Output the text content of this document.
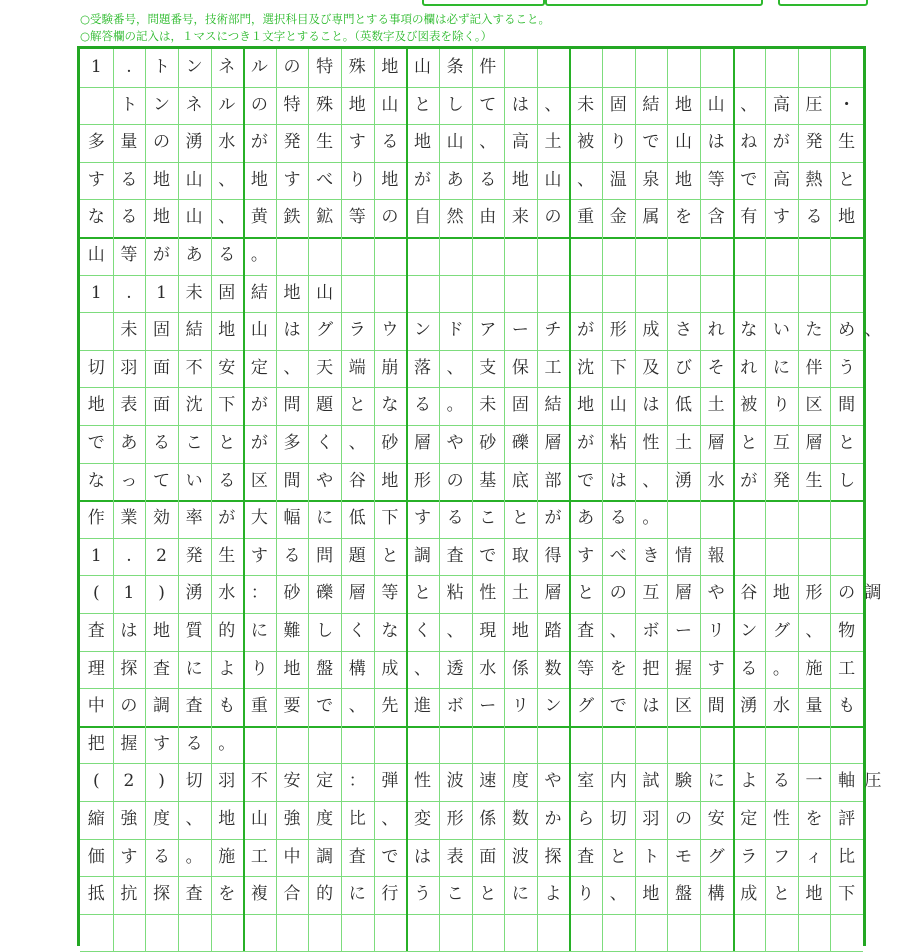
○受験番号，問題番号，技術部門，選択科目及び専門とする事項の欄は必ず記入すること。
○解答欄の記入は，１マスにつき１文字とすること。（英数字及び図表を除く。）
1	.	ト ン ネ ル の 特 殊 地 山 条 件
ト ン ネ ル の 特 殊 地 山 と し て は 、 未 固 結 地 山 、 高 圧 ・
多 量 の 湧 水 が 発 生 す る 地 山 、 高 土 被 り で 山 は ね が 発 生
す る 地 山 、 地 す べ り 地 が あ る 地 山 、 温 泉 地 等 で 高 熱 と
な る 地 山 、 黄 鉄 鉱 等 の 自 然 由 来 の 重 金 属 を 含 有 す る 地
山 等 が あ る 。
1	.	1	未 固 結 地 山
未 固 結 地 山 は グ ラ ウ ン ド ア ー チ が 形 成 さ れ な い た め 、
切 羽 面 不 安 定 、 天 端 崩 落 、 支 保 工 沈 下 及 び そ れ に 伴 う
地 表 面 沈 下 が 問 題 と な る 。 未 固 結 地 山 は 低 土 被 り 区 間
で あ る こ と が 多 く 、 砂 層 や 砂 礫 層 が 粘 性 土 層 と 互 層 と
な っ て い る 区 間 や 谷 地 形 の 基 底 部 で は 、 湧 水 が 発 生 し
作 業 効 率 が 大 幅 に 低 下 す る こ と が あ る 。
1	.	2	発 生 す る 問 題 と 調 査 で 取 得 す べ き 情 報
(	1	)	湧 水 ： 砂 礫 層 等 と 粘 性 土 層 と の 互 層 や 谷 地 形 の 調
査 は 地 質 的 に 難 し く な く 、 現 地 踏 査 、 ボ ー リ ン グ 、 物
理 探 査 に よ り 地 盤 構 成 、 透 水 係 数 等 を 把 握 す る 。 施 工
中 の 調 査 も 重 要 で 、 先 進 ボ ー リ ン グ で は 区 間 湧 水 量 も
把 握 す る 。
(	2	)	切 羽 不 安 定 ： 弾 性 波 速 度 や 室 内 試 験 に よ る 一 軸 圧
縮 強 度 、 地 山 強 度 比 、 変 形 係 数 か ら 切 羽 の 安 定 性 を 評
価 す る 。 施 工 中 調 査 で は 表 面 波 探 査 と ト モ グ ラ フ ィ 比
抵 抗 探 査 を 複 合 的 に 行 う こ と に よ り 、 地 盤 構 成 と 地 下
